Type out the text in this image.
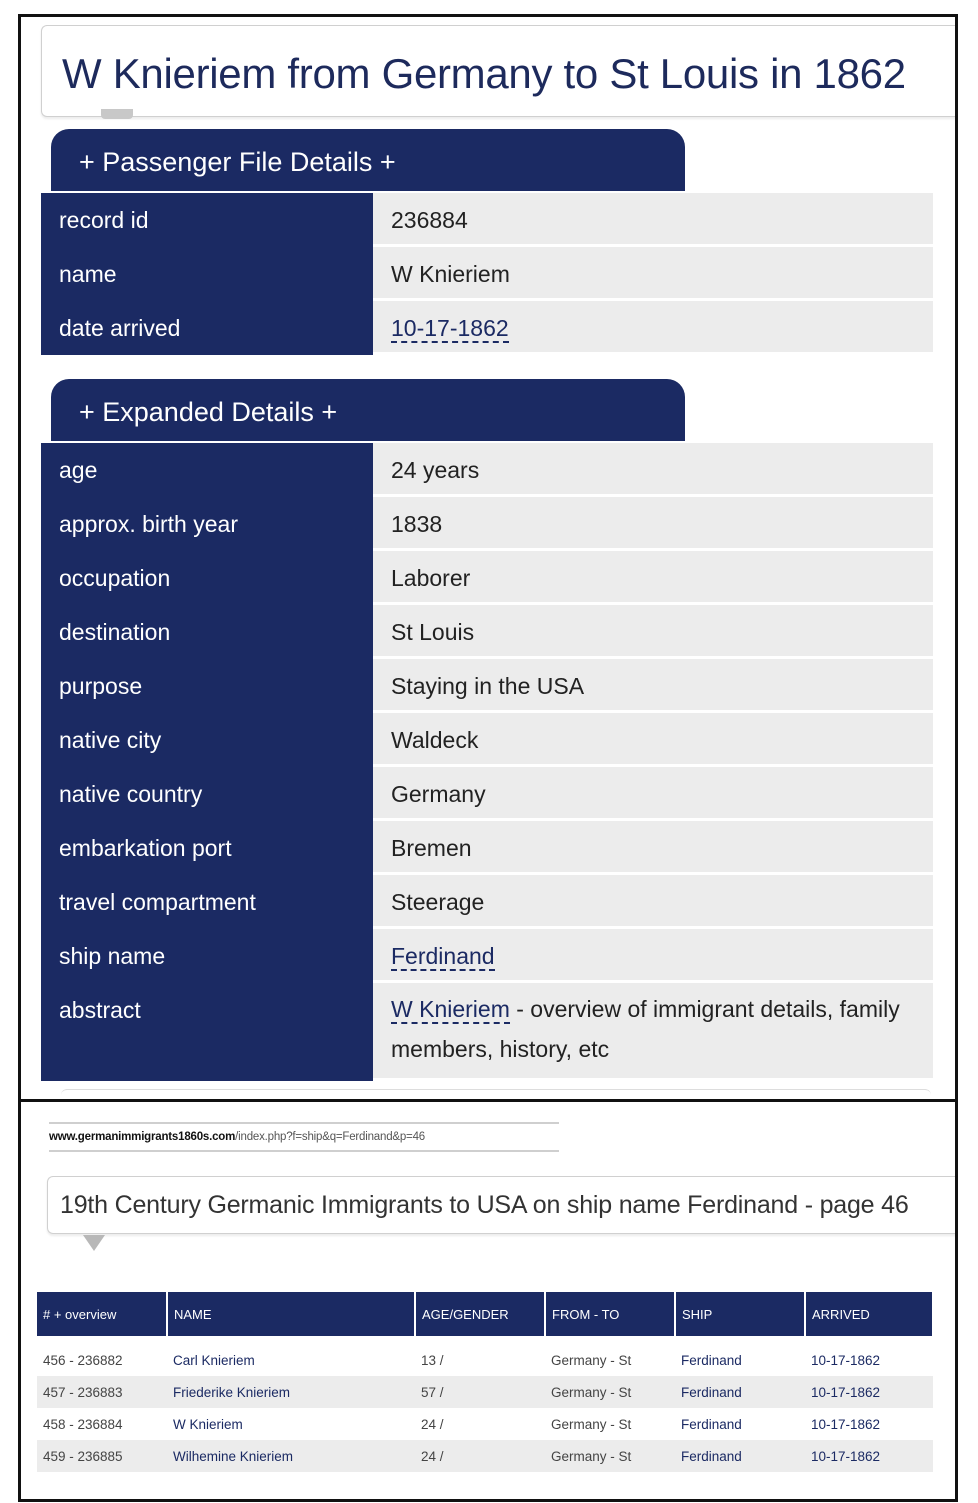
W Knieriem from Germany to St Louis in 1862
+ Passenger File Details +
record id	236884
name	W Knieriem
date arrived	10-17-1862
+ Expanded Details +
age	24 years
approx. birth year	1838
occupation	Laborer
destination	St Louis
purpose	Staying in the USA
native city	Waldeck
native country	Germany
embarkation port	Bremen
travel compartment	Steerage
ship name	Ferdinand
abstract	W Knieriem - overview of immigrant details, family members, history, etc
www.germanimmigrants1860s.com/index.php?f=ship&q=Ferdinand&p=46
19th Century Germanic Immigrants to USA on ship name Ferdinand - page 46
# + overview	NAME	AGE/GENDER	FROM - TO	SHIP	ARRIVED

456 - 236882	Carl Knieriem	13 /	Germany - St	Ferdinand	10-17-1862
457 - 236883	Friederike Knieriem	57 /	Germany - St	Ferdinand	10-17-1862
458 - 236884	W Knieriem	24 /	Germany - St	Ferdinand	10-17-1862
459 - 236885	Wilhemine Knieriem	24 /	Germany - St	Ferdinand	10-17-1862
